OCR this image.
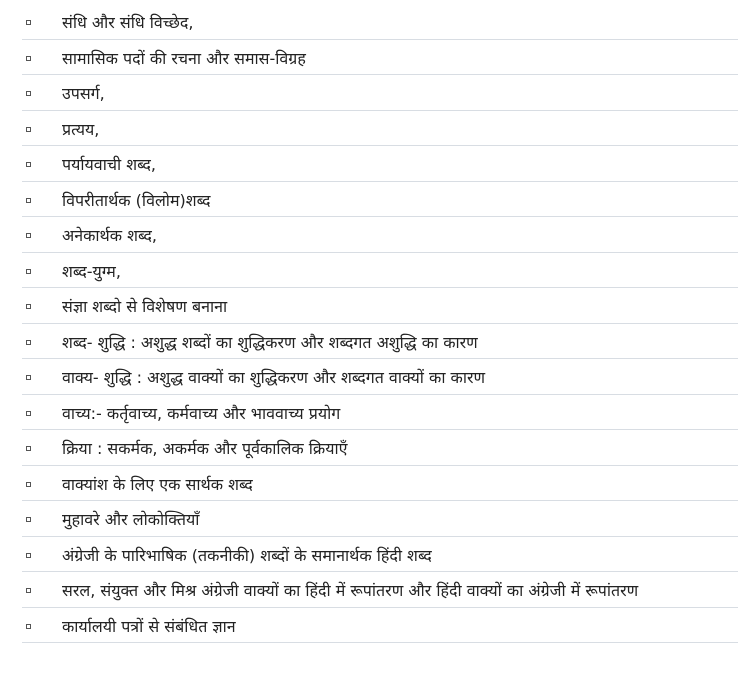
संधि और संधि विच्छेद,
सामासिक पदों की रचना और समास-विग्रह
उपसर्ग,
प्रत्यय,
पर्यायवाची शब्द,
विपरीतार्थक (विलोम)शब्द
अनेकार्थक शब्द,
शब्द-युग्म,
संज्ञा शब्दो से विशेषण बनाना
शब्द- शुद्धि : अशुद्ध शब्दों का शुद्धिकरण और शब्दगत अशुद्धि का कारण
वाक्य- शुद्धि : अशुद्ध वाक्यों का शुद्धिकरण और शब्दगत वाक्यों का कारण
वाच्य:- कर्तृवाच्य, कर्मवाच्य और भाववाच्य प्रयोग
क्रिया : सकर्मक, अकर्मक और पूर्वकालिक क्रियाएँ
वाक्यांश के लिए एक सार्थक शब्द
मुहावरे और लोकोक्तियाँ
अंग्रेजी के पारिभाषिक (तकनीकी) शब्दों के समानार्थक हिंदी शब्द
सरल, संयुक्त और मिश्र अंग्रेजी वाक्यों का हिंदी में रूपांतरण और हिंदी वाक्यों का अंग्रेजी में रूपांतरण
कार्यालयी पत्रों से संबंधित ज्ञान
